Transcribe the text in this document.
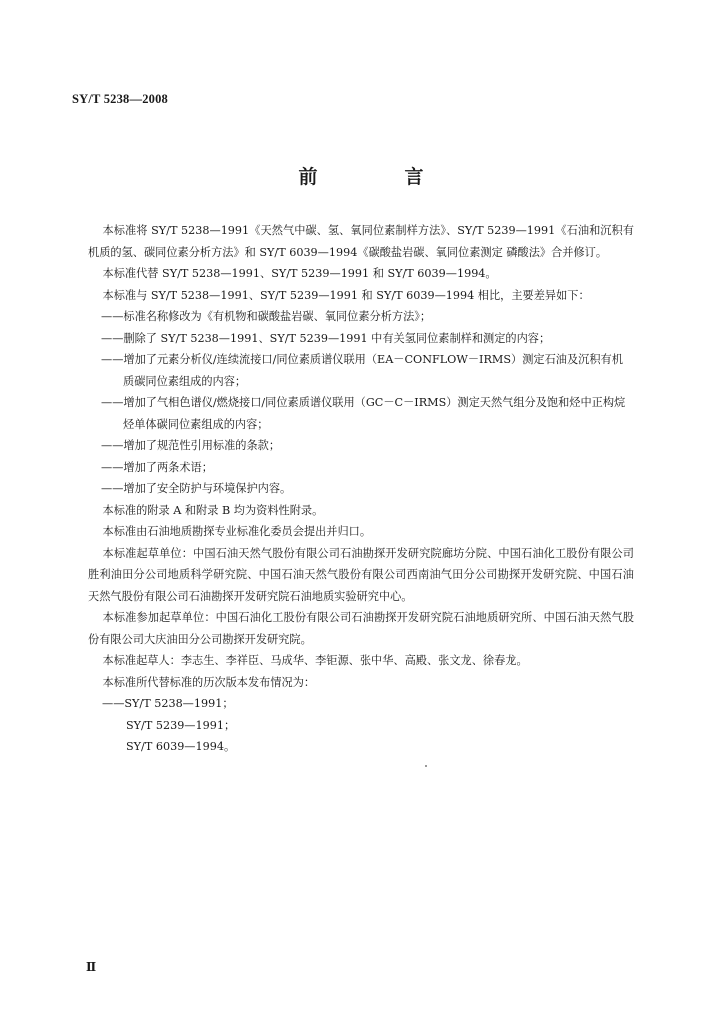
SY/T 5238—2008
前　言

本标准将 SY/T 5238—1991《天然气中碳、氢、氧同位素制样方法》、SY/T 5239—1991《石油和沉积有机质的氢、碳同位素分析方法》和 SY/T 6039—1994《碳酸盐岩碳、氧同位素测定 磷酸法》合并修订。

本标准代替 SY/T 5238—1991、SY/T 5239—1991 和 SY/T 6039—1994。

本标准与 SY/T 5238—1991、SY/T 5239—1991 和 SY/T 6039—1994 相比，主要差异如下：

——标准名称修改为《有机物和碳酸盐岩碳、氧同位素分析方法》；

——删除了 SY/T 5238—1991、SY/T 5239—1991 中有关氢同位素制样和测定的内容；

——增加了元素分析仪/连续流接口/同位素质谱仪联用（EA－CONFLOW－IRMS）测定石油及沉积有机质碳同位素组成的内容；

——增加了气相色谱仪/燃烧接口/同位素质谱仪联用（GC－C－IRMS）测定天然气组分及饱和烃中正构烷烃单体碳同位素组成的内容；

——增加了规范性引用标准的条款；

——增加了两条术语；

——增加了安全防护与环境保护内容。

本标准的附录 A 和附录 B 均为资料性附录。

本标准由石油地质勘探专业标准化委员会提出并归口。

本标准起草单位：中国石油天然气股份有限公司石油勘探开发研究院廊坊分院、中国石油化工股份有限公司胜利油田分公司地质科学研究院、中国石油天然气股份有限公司西南油气田分公司勘探开发研究院、中国石油天然气股份有限公司石油勘探开发研究院石油地质实验研究中心。

本标准参加起草单位：中国石油化工股份有限公司石油勘探开发研究院石油地质研究所、中国石油天然气股份有限公司大庆油田分公司勘探开发研究院。

本标准起草人：李志生、李祥臣、马成华、李钜源、张中华、高殿、张文龙、徐春龙。

本标准所代替标准的历次版本发布情况为：

——SY/T 5238—1991；

SY/T 5239—1991；

SY/T 6039—1994。

Ⅱ
